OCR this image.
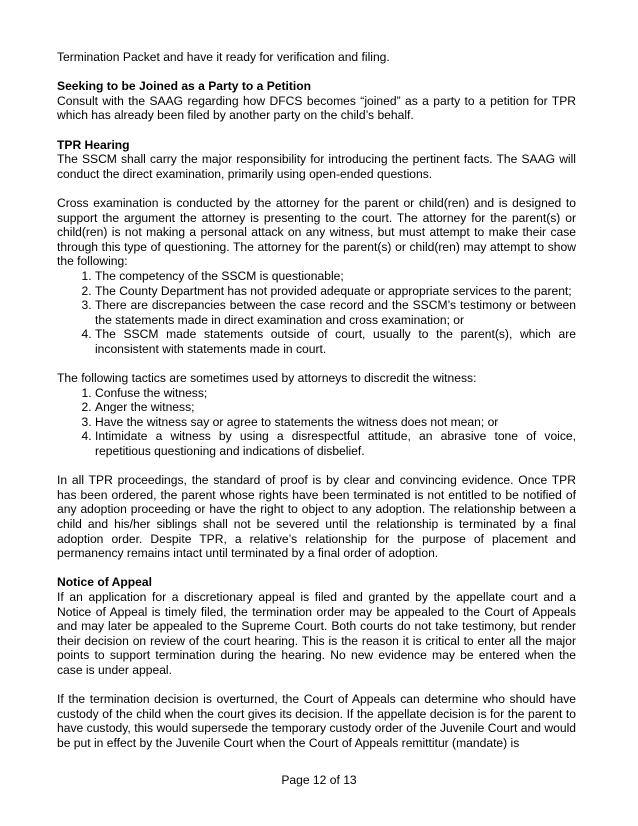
Termination Packet and have it ready for verification and filing.

Seeking to be Joined as a Party to a Petition

Consult with the SAAG regarding how DFCS becomes “joined” as a party to a petition for TPR which has already been filed by another party on the child’s behalf.

TPR Hearing

The SSCM shall carry the major responsibility for introducing the pertinent facts. The SAAG will conduct the direct examination, primarily using open-ended questions.

Cross examination is conducted by the attorney for the parent or child(ren) and is designed to support the argument the attorney is presenting to the court. The attorney for the parent(s) or child(ren) is not making a personal attack on any witness, but must attempt to make their case through this type of questioning. The attorney for the parent(s) or child(ren) may attempt to show the following:

1. The competency of the SSCM is questionable;
2. The County Department has not provided adequate or appropriate services to the parent;
3. There are discrepancies between the case record and the SSCM’s testimony or between the statements made in direct examination and cross examination; or
4. The SSCM made statements outside of court, usually to the parent(s), which are inconsistent with statements made in court.

The following tactics are sometimes used by attorneys to discredit the witness:

1. Confuse the witness;
2. Anger the witness;
3. Have the witness say or agree to statements the witness does not mean; or
4. Intimidate a witness by using a disrespectful attitude, an abrasive tone of voice, repetitious questioning and indications of disbelief.

In all TPR proceedings, the standard of proof is by clear and convincing evidence. Once TPR has been ordered, the parent whose rights have been terminated is not entitled to be notified of any adoption proceeding or have the right to object to any adoption. The relationship between a child and his/her siblings shall not be severed until the relationship is terminated by a final adoption order. Despite TPR, a relative’s relationship for the purpose of placement and permanency remains intact until terminated by a final order of adoption.

Notice of Appeal

If an application for a discretionary appeal is filed and granted by the appellate court and a Notice of Appeal is timely filed, the termination order may be appealed to the Court of Appeals and may later be appealed to the Supreme Court. Both courts do not take testimony, but render their decision on review of the court hearing. This is the reason it is critical to enter all the major points to support termination during the hearing. No new evidence may be entered when the case is under appeal.

If the termination decision is overturned, the Court of Appeals can determine who should have custody of the child when the court gives its decision. If the appellate decision is for the parent to have custody, this would supersede the temporary custody order of the Juvenile Court and would be put in effect by the Juvenile Court when the Court of Appeals remittitur (mandate) is

Page 12 of 13
